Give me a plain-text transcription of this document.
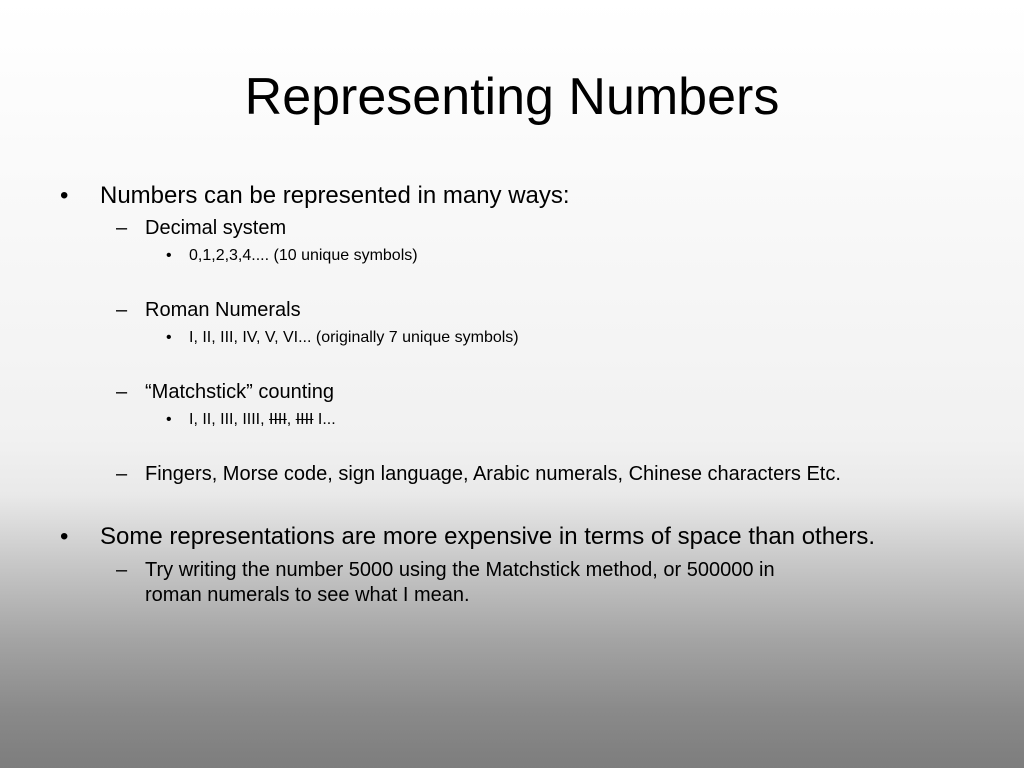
Representing Numbers
• Numbers can be represented in many ways:
– Decimal system
• 0,1,2,3,4.... (10 unique symbols)
– Roman Numerals
• I, II, III, IV, V, VI... (originally 7 unique symbols)
– “Matchstick” counting
• I, II, III, IIII, IIII, IIII I...
– Fingers, Morse code, sign language, Arabic numerals, Chinese characters Etc.
• Some representations are more expensive in terms of space than others.
– Try writing the number 5000 using the Matchstick method, or 500000 in
roman numerals to see what I mean.
